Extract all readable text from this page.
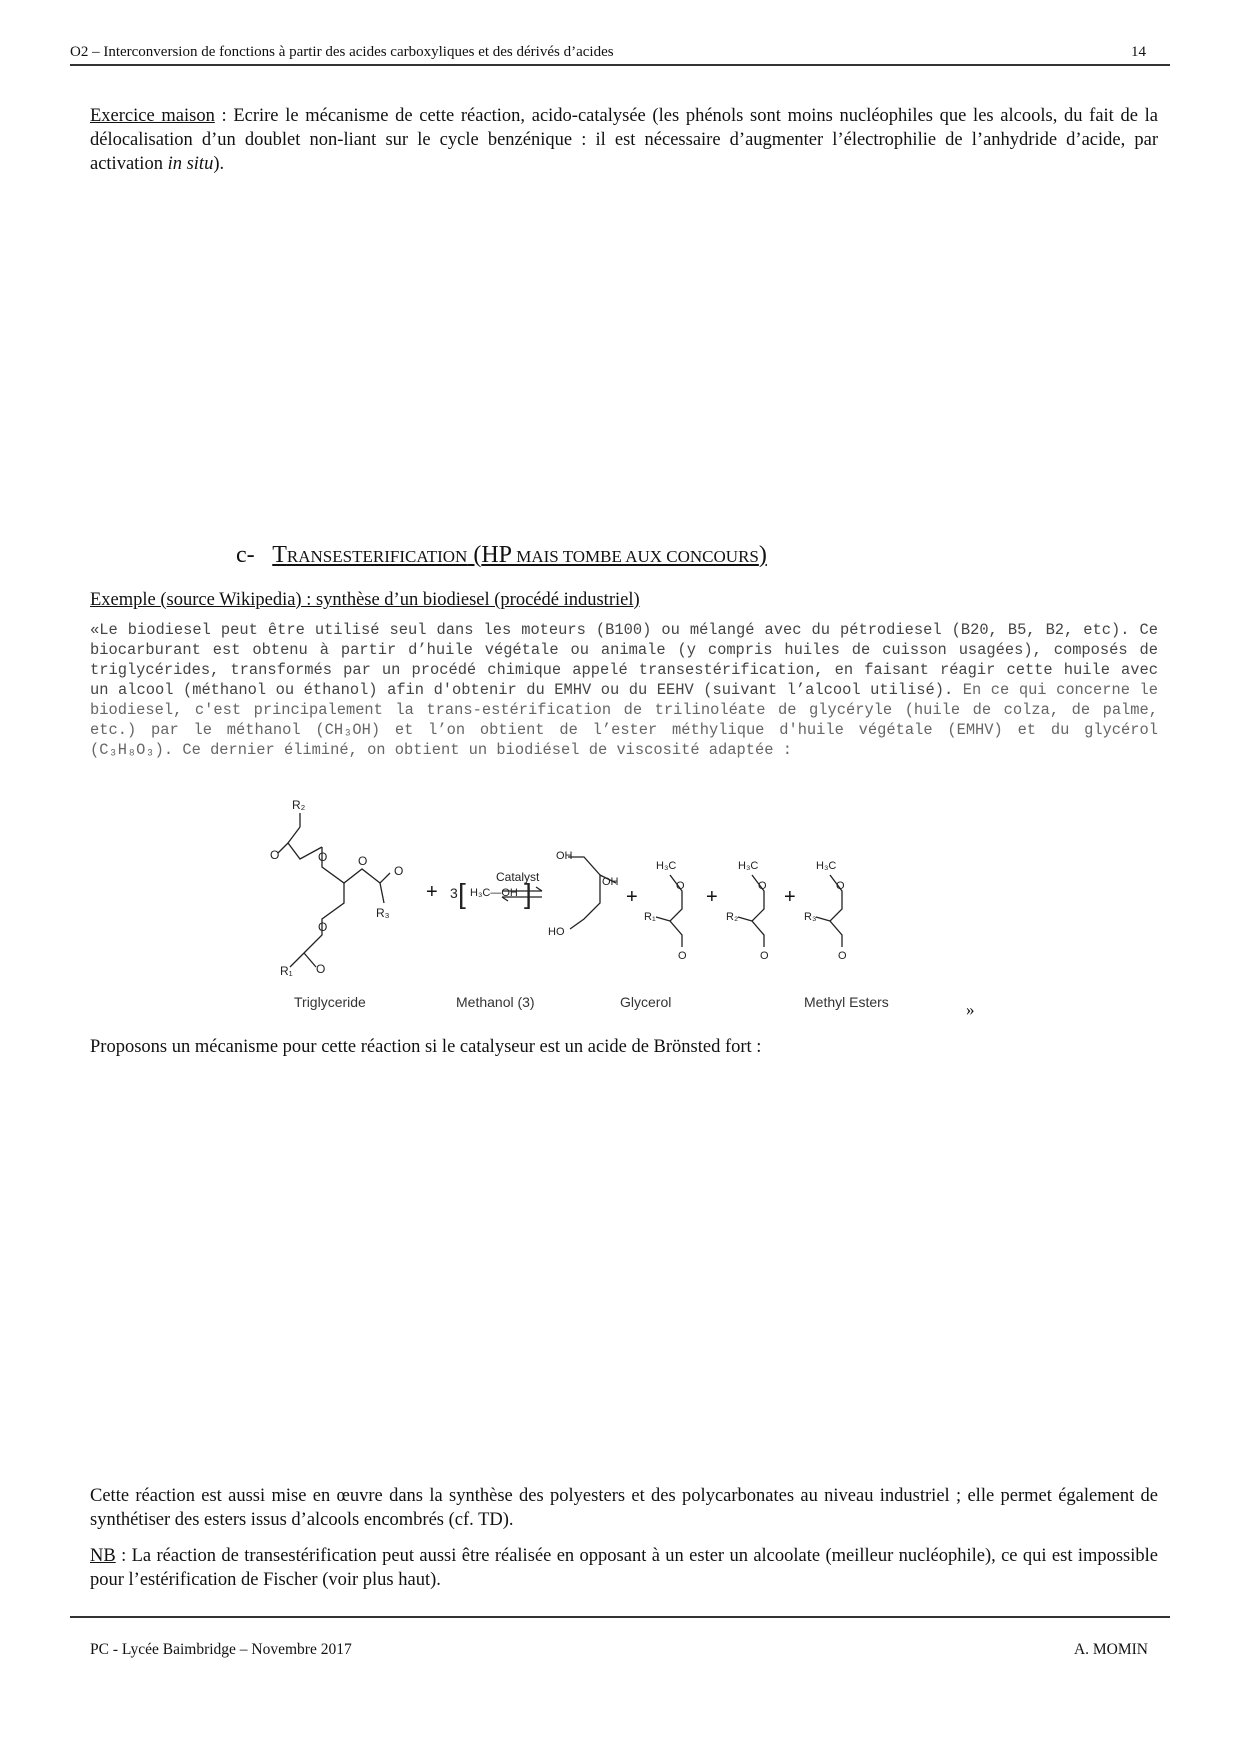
O2 – Interconversion de fonctions à partir des acides carboxyliques et des dérivés d’acides	14
Exercice maison : Ecrire le mécanisme de cette réaction, acido-catalysée (les phénols sont moins nucléophiles que les alcools, du fait de la délocalisation d’un doublet non-liant sur le cycle benzénique : il est nécessaire d’augmenter l’électrophilie de l’anhydride d’acide, par activation in situ).
c- TRANSESTERIFICATION (HP MAIS TOMBE AUX CONCOURS)
Exemple (source Wikipedia) : synthèse d’un biodiesel (procédé industriel)
«Le biodiesel peut être utilisé seul dans les moteurs (B100) ou mélangé avec du pétrodiesel (B20, B5, B2, etc). Ce biocarburant est obtenu à partir d’huile végétale ou animale (y compris huiles de cuisson usagées), composés de triglycérides, transformés par un procédé chimique appelé transestérification, en faisant réagir cette huile avec un alcool (méthanol ou éthanol) afin d'obtenir du EMHV ou du EEHV (suivant l’alcool utilisé). En ce qui concerne le biodiesel, c'est principalement la trans-estérification de trilinoléate de glycéryle (huile de colza, de palme, etc.) par le méthanol (CH₃OH) et l’on obtient de l’ester méthylique d'huile végétale (EMHV) et du glycérol (C₃H₈O₃). Ce dernier éliminé, on obtient un biodiésel de viscosité adaptée :
R₂
O	O	O
O
R₃
O
O
R₁
+ 3 [ H₃C—OH ]
Catalyst
OH
OH
HO
+
H₃C
O
R₁
O
H₃C
O
R₂
O
H₃C
O
R₃
O
+	+
Triglyceride	Methanol (3)	Glycerol	Methyl Esters	»
Proposons un mécanisme pour cette réaction si le catalyseur est un acide de Brönsted fort :
Cette réaction est aussi mise en œuvre dans la synthèse des polyesters et des polycarbonates au niveau industriel ; elle permet également de synthétiser des esters issus d’alcools encombrés (cf. TD).
NB : La réaction de transestérification peut aussi être réalisée en opposant à un ester un alcoolate (meilleur nucléophile), ce qui est impossible pour l’estérification de Fischer (voir plus haut).
PC - Lycée Baimbridge – Novembre 2017	A. MOMIN
